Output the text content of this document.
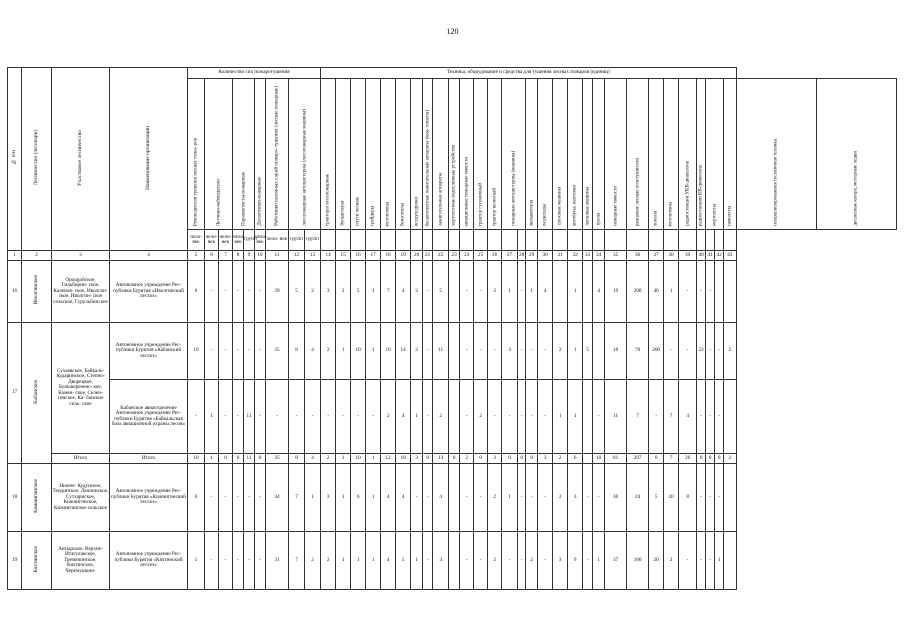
120
№ п/п	Лесничество (лесопарк)	Участковое лесничество	Наименование организации	Количество сил пожаротушения									Техника, оборудование и средства для тушения лесных пожаров (единиц)																															

				Руководители тушения лесных пожа- ров	Летчики-наблюдатели		Парашютисты-пожарные		Десантники-пожарные	Работники наземных служб пожаро- тушения (лесные пожарные)	лесопожарные автоцистерны (лесопожарные машины)		тракторы лесопожарные	бульдозеры	плуги лесные	грейдеры	мотопомпы	бензопилы	воздуходувки	бесконтактные зажигательные аппараты (ком- плекты)	зажигательные аппараты	вертолетные водосливные устройства	авиационные пожарные емкости	трактор гусеничный	трактор колесный	пожарные автоцистерны (машины)		экскаваторы	вездеходы	грузовые машины	автобусы, вахтовки	легковые машины	трелы	пожарные емкости	ранцевые лесные огнетушители	лопаты	мотопомпы	радиостанции УКВ-диапазона	радиостанции КВ-диапазона	вертолеты		самолеты	специализированная гусеничная техника	десантные катера, моторные лодки

				чело- век	чело- век	чело- век	чело- век	групп	чело- век	чело- век	групп	групп																																
1	2	3	4	5	6	7	8	9	10	11	12	13	14	15	16	17	18	19	20	21	22	23	24	25	26	27	28	29	30	31	32	33	34	35	36	37	38	39	40	41	42	43		
16	Иволгинское	Орongoйское, Гильбирин- ское, Каленов- ское, Иволгин- ское, Иволгин- ское сельское, Гурульбинское	Автономное учреждение Рес- публики Бурятия «Иволгинский лесхоз»	6	-	-	-	-	-	39	5	2	3	2	5	1	7	4	2	-	5		-	-	2	1	-	1	4		1		4	19	200	40	1	-	-	-				
17	Кабанское	Сухаевское, Байкало- Кударинское, Степно- Дворецкое, Большереченс- кое, Камен- ское, Селен- гинское, Ка- банское сель- ское	Автономное учреждение Рес- публики Бурятия «Кабанский лесхоз»	10	-	-	-	-	-	35	8	4	2	1	10	1	10	14	2	-	11		-	-	-	3	-	-	-	2	1	5		10	70	200	-	-	22	-	-	2		
			Кабанское авиаотделение Автономное учреждение Рес- публики Бурятия «Байкальская база авиационной охраны лесов»	-	1	-	-	11	-	-	-	-	-	-	-	-	2	4	1	-	2		-	2	-	-	-	-	-	1	1		-	11	7	-	7	4	-	-	-			
		Итого	Итого	10	1	0	0	11	0	35	8	4	2	1	10	1	12	18	3	0	13	0	2	0	3	0	0	0	3	2	6		10	81	207	0	7	26	0	0	0	2		
18	Кижингинское	Нижне- Кудунское, Тендинское, Леонинское, Сутхарнское, Кижингинское, Кижингинское сельское	Автономное учреждение Рес- публики Бурятия «Кижингинский лесхоз»	6	-	-	-	-	-	34	7	1	3	1	6	1	4	4	-	-	4		-	-	2	1	-	-	-	2	3	-	-	30	24	5	20	8	-	-	-			
19	Кяхтинское	Ангырское, Верхне- Итагулакское, Гремячинское, Кяхтинское, Черемушкин-	Автономное учреждение Рес- публики Бурятия «Кяхтинский лесхоз»	5	-	-	-	-	-	31	7	2	2	1	1	1	4	5	1	-	4		-	-	2	-	-	2	-	3	6	-	1	37	100	20	2	-	-	-	1			
